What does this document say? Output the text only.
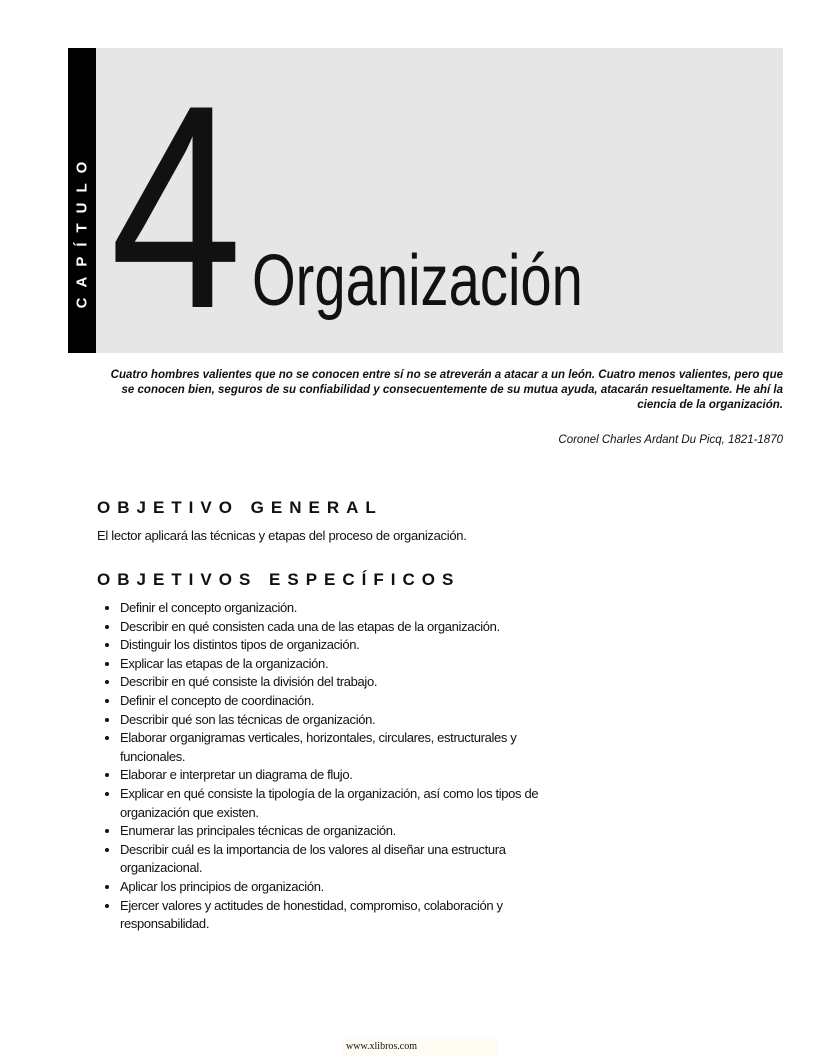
CAPÍTULO 4 Organización
Cuatro hombres valientes que no se conocen entre sí no se atreverán a atacar a un león. Cuatro menos valientes, pero que se conocen bien, seguros de su confiabilidad y consecuentemente de su mutua ayuda, atacarán resueltamente. He ahí la ciencia de la organización.
Coronel Charles Ardant Du Picq, 1821-1870
OBJETIVO GENERAL
El lector aplicará las técnicas y etapas del proceso de organización.
OBJETIVOS ESPECÍFICOS
• Definir el concepto organización.
• Describir en qué consisten cada una de las etapas de la organización.
• Distinguir los distintos tipos de organización.
• Explicar las etapas de la organización.
• Describir en qué consiste la división del trabajo.
• Definir el concepto de coordinación.
• Describir qué son las técnicas de organización.
• Elaborar organigramas verticales, horizontales, circulares, estructurales y funcionales.
• Elaborar e interpretar un diagrama de flujo.
• Explicar en qué consiste la tipología de la organización, así como los tipos de organización que existen.
• Enumerar las principales técnicas de organización.
• Describir cuál es la importancia de los valores al diseñar una estructura organizacional.
• Aplicar los principios de organización.
• Ejercer valores y actitudes de honestidad, compromiso, colaboración y responsabilidad.
www.xlibros.com
